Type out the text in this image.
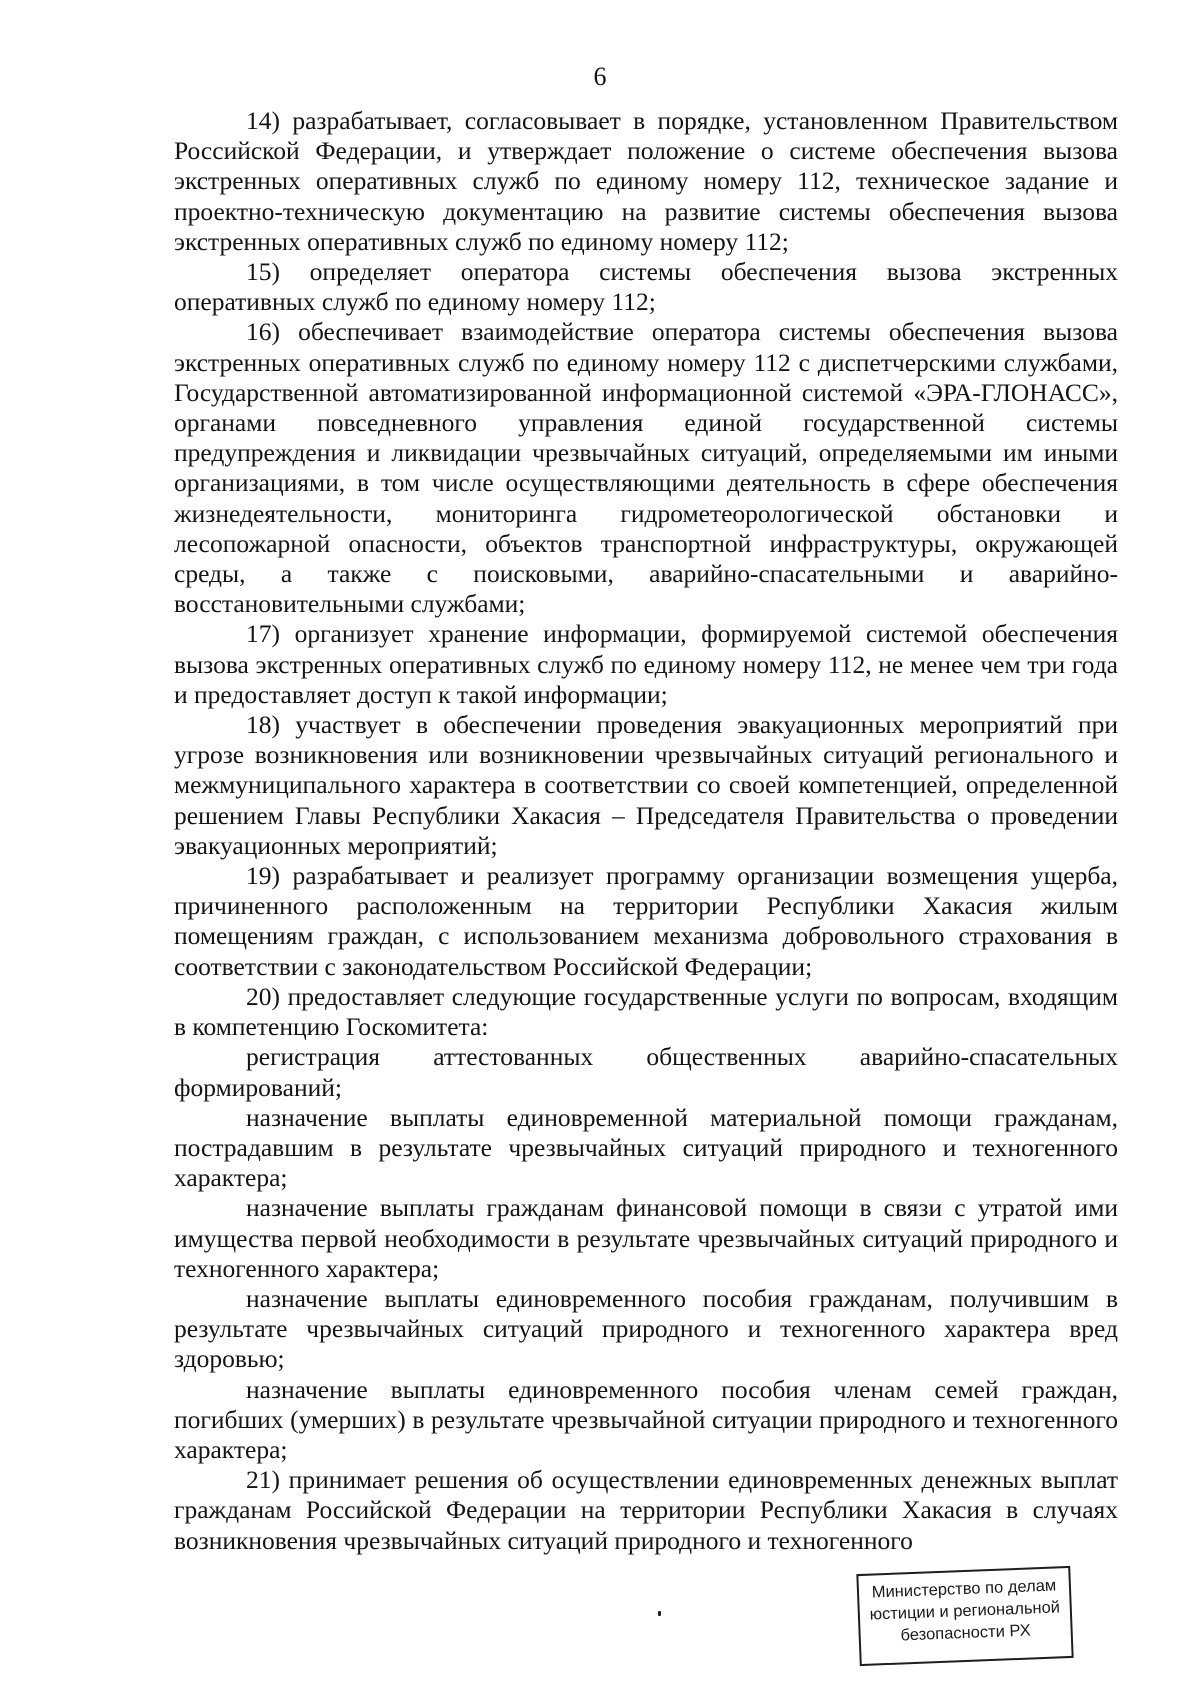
6

14) разрабатывает, согласовывает в порядке, установленном Правительством Российской Федерации, и утверждает положение о системе обеспечения вызова экстренных оперативных служб по единому номеру 112, техническое задание и проектно-техническую документацию на развитие системы обеспечения вызова экстренных оперативных служб по единому номеру 112;

15) определяет оператора системы обеспечения вызова экстренных оперативных служб по единому номеру 112;

16) обеспечивает взаимодействие оператора системы обеспечения вызова экстренных оперативных служб по единому номеру 112 с диспетчерскими службами, Государственной автоматизированной информационной системой «ЭРА-ГЛОНАСС», органами повседневного управления единой государственной системы предупреждения и ликвидации чрезвычайных ситуаций, определяемыми им иными организациями, в том числе осуществляющими деятельность в сфере обеспечения жизнедеятельности, мониторинга гидрометеорологической обстановки и лесопожарной опасности, объектов транспортной инфраструктуры, окружающей среды, а также с поисковыми, аварийно-спасательными и аварийно-восстановительными службами;

17) организует хранение информации, формируемой системой обеспечения вызова экстренных оперативных служб по единому номеру 112, не менее чем три года и предоставляет доступ к такой информации;

18) участвует в обеспечении проведения эвакуационных мероприятий при угрозе возникновения или возникновении чрезвычайных ситуаций регионального и межмуниципального характера в соответствии со своей компетенцией, определенной решением Главы Республики Хакасия – Председателя Правительства о проведении эвакуационных мероприятий;

19) разрабатывает и реализует программу организации возмещения ущерба, причиненного расположенным на территории Республики Хакасия жилым помещениям граждан, с использованием механизма добровольного страхования в соответствии с законодательством Российской Федерации;

20) предоставляет следующие государственные услуги по вопросам, входящим в компетенцию Госкомитета:

регистрация аттестованных общественных аварийно-спасательных формирований;

назначение выплаты единовременной материальной помощи гражданам, пострадавшим в результате чрезвычайных ситуаций природного и техногенного характера;

назначение выплаты гражданам финансовой помощи в связи с утратой ими имущества первой необходимости в результате чрезвычайных ситуаций природного и техногенного характера;

назначение выплаты единовременного пособия гражданам, получившим в результате чрезвычайных ситуаций природного и техногенного характера вред здоровью;

назначение выплаты единовременного пособия членам семей граждан, погибших (умерших) в результате чрезвычайной ситуации природного и техногенного характера;

21) принимает решения об осуществлении единовременных денежных выплат гражданам Российской Федерации на территории Республики Хакасия в случаях возникновения чрезвычайных ситуаций природного и техногенного

Министерство по делам
юстиции и региональной
безопасности РХ
